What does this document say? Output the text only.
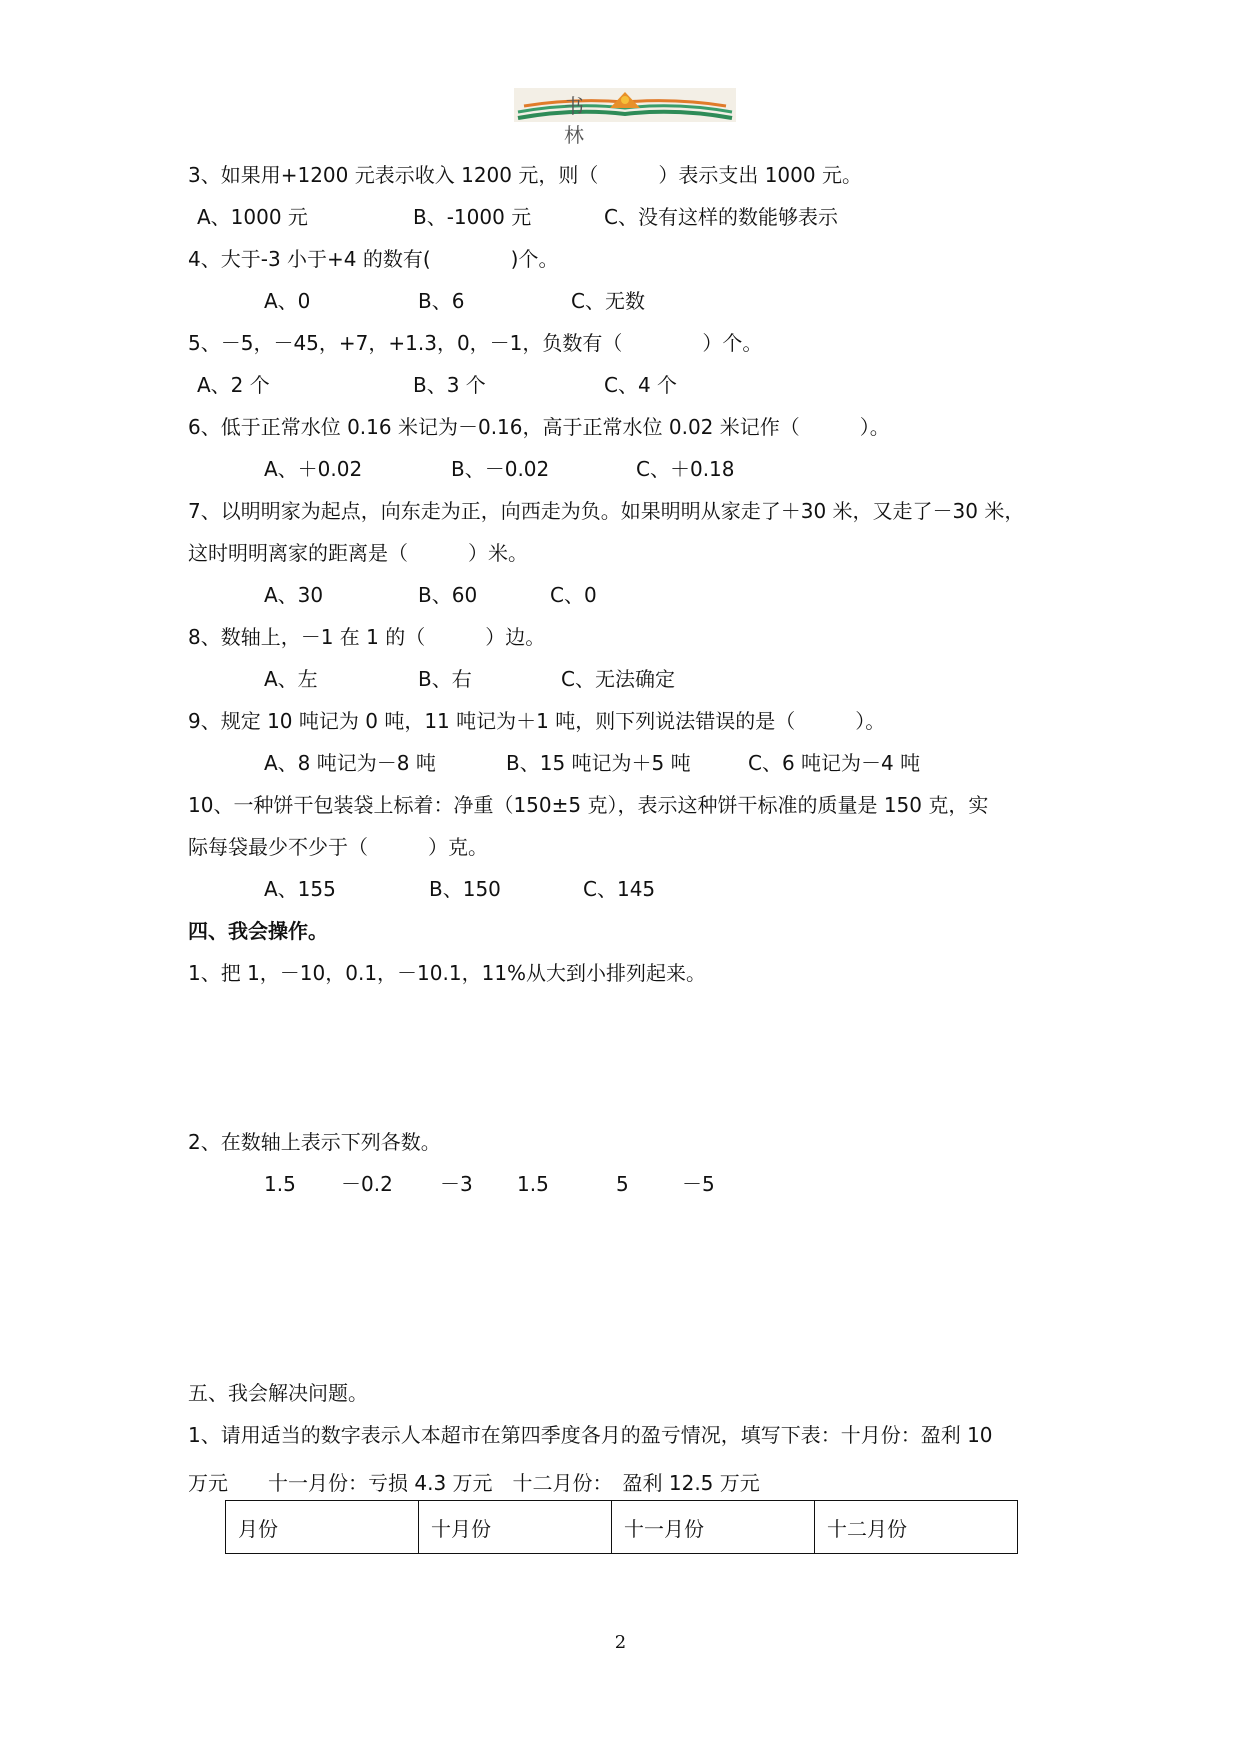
书 林
3、如果用+1200 元表示收入 1200 元，则（　　　）表示支出 1000 元。
A、1000 元	B、-1000 元	C、没有这样的数能够表示
4、大于-3 小于+4 的数有(　　　　)个。
A、0	B、6	C、无数
5、－5，－45，+7，+1.3，0，－1，负数有（　　　　）个。
A、2 个	B、3 个	C、4 个
6、低于正常水位 0.16 米记为－0.16，高于正常水位 0.02 米记作（　　　）。
A、＋0.02	B、－0.02	C、＋0.18
7、以明明家为起点，向东走为正，向西走为负。如果明明从家走了＋30 米，又走了－30 米，
这时明明离家的距离是（　　　）米。
A、30	B、60	C、0
8、数轴上，－1 在 1 的（　　　）边。
A、左	B、右	C、无法确定
9、规定 10 吨记为 0 吨，11 吨记为＋1 吨，则下列说法错误的是（　　　）。
A、8 吨记为－8 吨	B、15 吨记为＋5 吨	C、6 吨记为－4 吨
10、一种饼干包装袋上标着：净重（150±5 克），表示这种饼干标准的质量是 150 克，实
际每袋最少不少于（　　　）克。
A、155	B、150	C、145
四、我会操作。
1、把 1，－10，0.1，－10.1，11%从大到小排列起来。
2、在数轴上表示下列各数。
1.5 －0.2 －3 1.5	5	－5
五、我会解决问题。
1、请用适当的数字表示人本超市在第四季度各月的盈亏情况，填写下表：十月份：盈利 10
万元　　十一月份：亏损 4.3 万元　十二月份：　盈利 12.5 万元
月份	十月份	十一月份	十二月份
2
